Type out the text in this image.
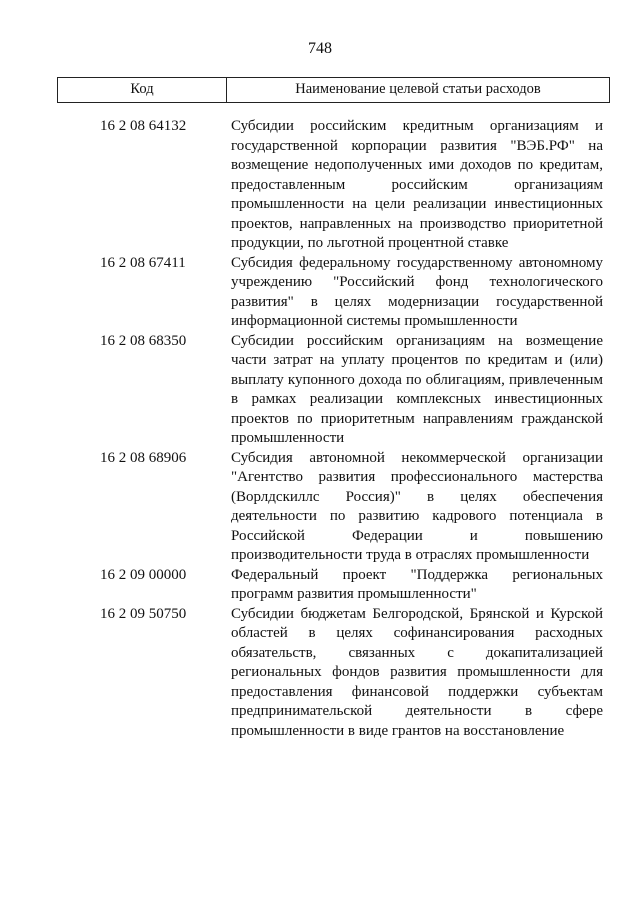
748
Код	Наименование целевой статьи расходов
16 2 08 64132	Субсидии российским кредитным организациям и государственной корпорации развития "ВЭБ.РФ" на возмещение недополученных ими доходов по кредитам, предоставленным российским организациям промышленности на цели реализации инвестиционных проектов, направленных на производство приоритетной продукции, по льготной процентной ставке
16 2 08 67411	Субсидия федеральному государственному автономному учреждению "Российский фонд технологического развития" в целях модернизации государственной информационной системы промышленности
16 2 08 68350	Субсидии российским организациям на возмещение части затрат на уплату процентов по кредитам и (или) выплату купонного дохода по облигациям, привлеченным в рамках реализации комплексных инвестиционных проектов по приоритетным направлениям гражданской промышленности
16 2 08 68906	Субсидия автономной некоммерческой организации "Агентство развития профессионального мастерства (Ворлдскиллс Россия)" в целях обеспечения деятельности по развитию кадрового потенциала в Российской Федерации и повышению производительности труда в отраслях промышленности
16 2 09 00000	Федеральный проект "Поддержка региональных программ развития промышленности"
16 2 09 50750	Субсидии бюджетам Белгородской, Брянской и Курской областей в целях софинансирования расходных обязательств, связанных с докапитализацией региональных фондов развития промышленности для предоставления финансовой поддержки субъектам предпринимательской деятельности в сфере промышленности в виде грантов на восстановление
